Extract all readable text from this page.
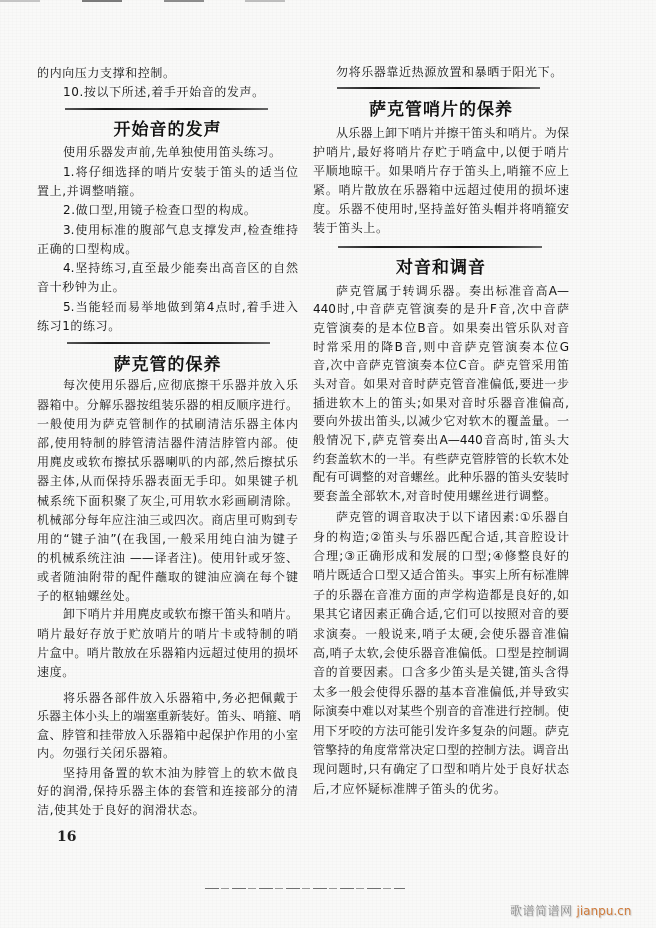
的内向压力支撑和控制。
10.按以下所述,着手开始音的发声。
开始音的发声
使用乐器发声前,先单独使用笛头练习。
1.将仔细选择的哨片安装于笛头的适当位
置上,并调整哨箍。
2.做口型,用镜子检查口型的构成。
3.使用标准的腹部气息支撑发声,检查维持
正确的口型构成。
4.坚持练习,直至最少能奏出高音区的自然
音十秒钟为止。
5.当能轻而易举地做到第4点时,着手进入
练习1的练习。
萨克管的保养
每次使用乐器后,应彻底擦干乐器并放入乐
器箱中。分解乐器按组装乐器的相反顺序进行。
一般使用为萨克管制作的拭刷清洁乐器主体内
部,使用特制的脖管清洁器件清洁脖管内部。使
用麂皮或软布擦拭乐器喇叭的内部,然后擦拭乐
器主体,从而保持乐器表面无手印。如果键子机
械系统下面积聚了灰尘,可用软水彩画刷清除。
机械部分每年应注油三或四次。商店里可购到专
用的“键子油”(在我国,一般采用纯白油为键子
的机械系统注油 ——译者注)。使用针或牙签、
或者随油附带的配件蘸取的键油应滴在每个键
子的枢轴螺丝处。
卸下哨片并用麂皮或软布擦干笛头和哨片。
哨片最好存放于贮放哨片的哨片卡或特制的哨
片盒中。哨片散放在乐器箱内远超过使用的损坏
速度。
将乐器各部件放入乐器箱中,务必把佩戴于
乐器主体小头上的端塞重新装好。笛头、哨箍、哨
盒、脖管和挂带放入乐器箱中起保护作用的小室
内。勿强行关闭乐器箱。
坚持用备置的软木油为脖管上的软木做良
好的润滑,保持乐器主体的套管和连接部分的清
洁,使其处于良好的润滑状态。
勿将乐器靠近热源放置和暴晒于阳光下。
萨克管哨片的保养
从乐器上卸下哨片并擦干笛头和哨片。为保
护哨片,最好将哨片存贮于哨盒中,以便于哨片
平顺地晾干。如果哨片存于笛头上,哨箍不应上
紧。哨片散放在乐器箱中远超过使用的损坏速
度。乐器不使用时,坚持盖好笛头帽并将哨箍安
装于笛头上。
对音和调音
萨克管属于转调乐器。奏出标准音高A—
440时,中音萨克管演奏的是升F音,次中音萨
克管演奏的是本位B音。如果奏出管乐队对音
时常采用的降B音,则中音萨克管演奏本位G
音,次中音萨克管演奏本位C音。萨克管采用笛
头对音。如果对音时萨克管音准偏低,要进一步
插进软木上的笛头;如果对音时乐器音准偏高,
要向外拔出笛头,以减少它对软木的覆盖量。一
般情况下,萨克管奏出A—440音高时,笛头大
约套盖软木的一半。有些萨克管脖管的长软木处
配有可调整的对音螺丝。此种乐器的笛头安装时
要套盖全部软木,对音时使用螺丝进行调整。
萨克管的调音取决于以下诸因素:①乐器自
身的构造;②笛头与乐器匹配合适,其音腔设计
合理;③正确形成和发展的口型;④修整良好的
哨片既适合口型又适合笛头。事实上所有标准牌
子的乐器在音准方面的声学构造都是良好的,如
果其它诸因素正确合适,它们可以按照对音的要
求演奏。一般说来,哨子太硬,会使乐器音准偏
高,哨子太软,会使乐器音准偏低。口型是控制调
音的首要因素。口含多少笛头是关键,笛头含得
太多一般会使得乐器的基本音准偏低,并导致实
际演奏中难以对某些个别音的音准进行控制。使
用下牙咬的方法可能引发许多复杂的问题。萨克
管擎持的角度常常决定口型的控制方法。调音出
现问题时,只有确定了口型和哨片处于良好状态
后,才应怀疑标准牌子笛头的优劣。
16
歌谱简谱网 jianpu.cn
